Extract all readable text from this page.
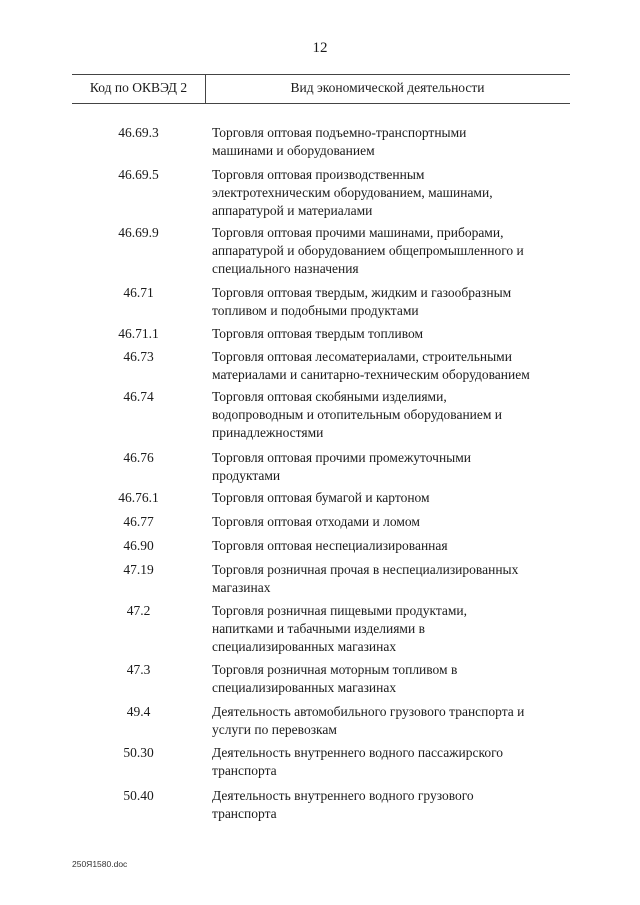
12
Код по ОКВЭД 2	Вид экономической деятельности
46.69.3	Торговля оптовая подъемно-транспортными
машинами и оборудованием
46.69.5	Торговля оптовая производственным
электротехническим оборудованием, машинами,
аппаратурой и материалами
46.69.9	Торговля оптовая прочими машинами, приборами,
аппаратурой и оборудованием общепромышленного и
специального назначения
46.71	Торговля оптовая твердым, жидким и газообразным
топливом и подобными продуктами
46.71.1	Торговля оптовая твердым топливом
46.73	Торговля оптовая лесоматериалами, строительными
материалами и санитарно-техническим оборудованием
46.74	Торговля оптовая скобяными изделиями,
водопроводным и отопительным оборудованием и
принадлежностями
46.76	Торговля оптовая прочими промежуточными
продуктами
46.76.1	Торговля оптовая бумагой и картоном
46.77	Торговля оптовая отходами и ломом
46.90	Торговля оптовая неспециализированная
47.19	Торговля розничная прочая в неспециализированных
магазинах
47.2	Торговля розничная пищевыми продуктами,
напитками и табачными изделиями в
специализированных магазинах
47.3	Торговля розничная моторным топливом в
специализированных магазинах
49.4	Деятельность автомобильного грузового транспорта и
услуги по перевозкам
50.30	Деятельность внутреннего водного пассажирского
транспорта
50.40	Деятельность внутреннего водного грузового
транспорта
250Я1580.doc
